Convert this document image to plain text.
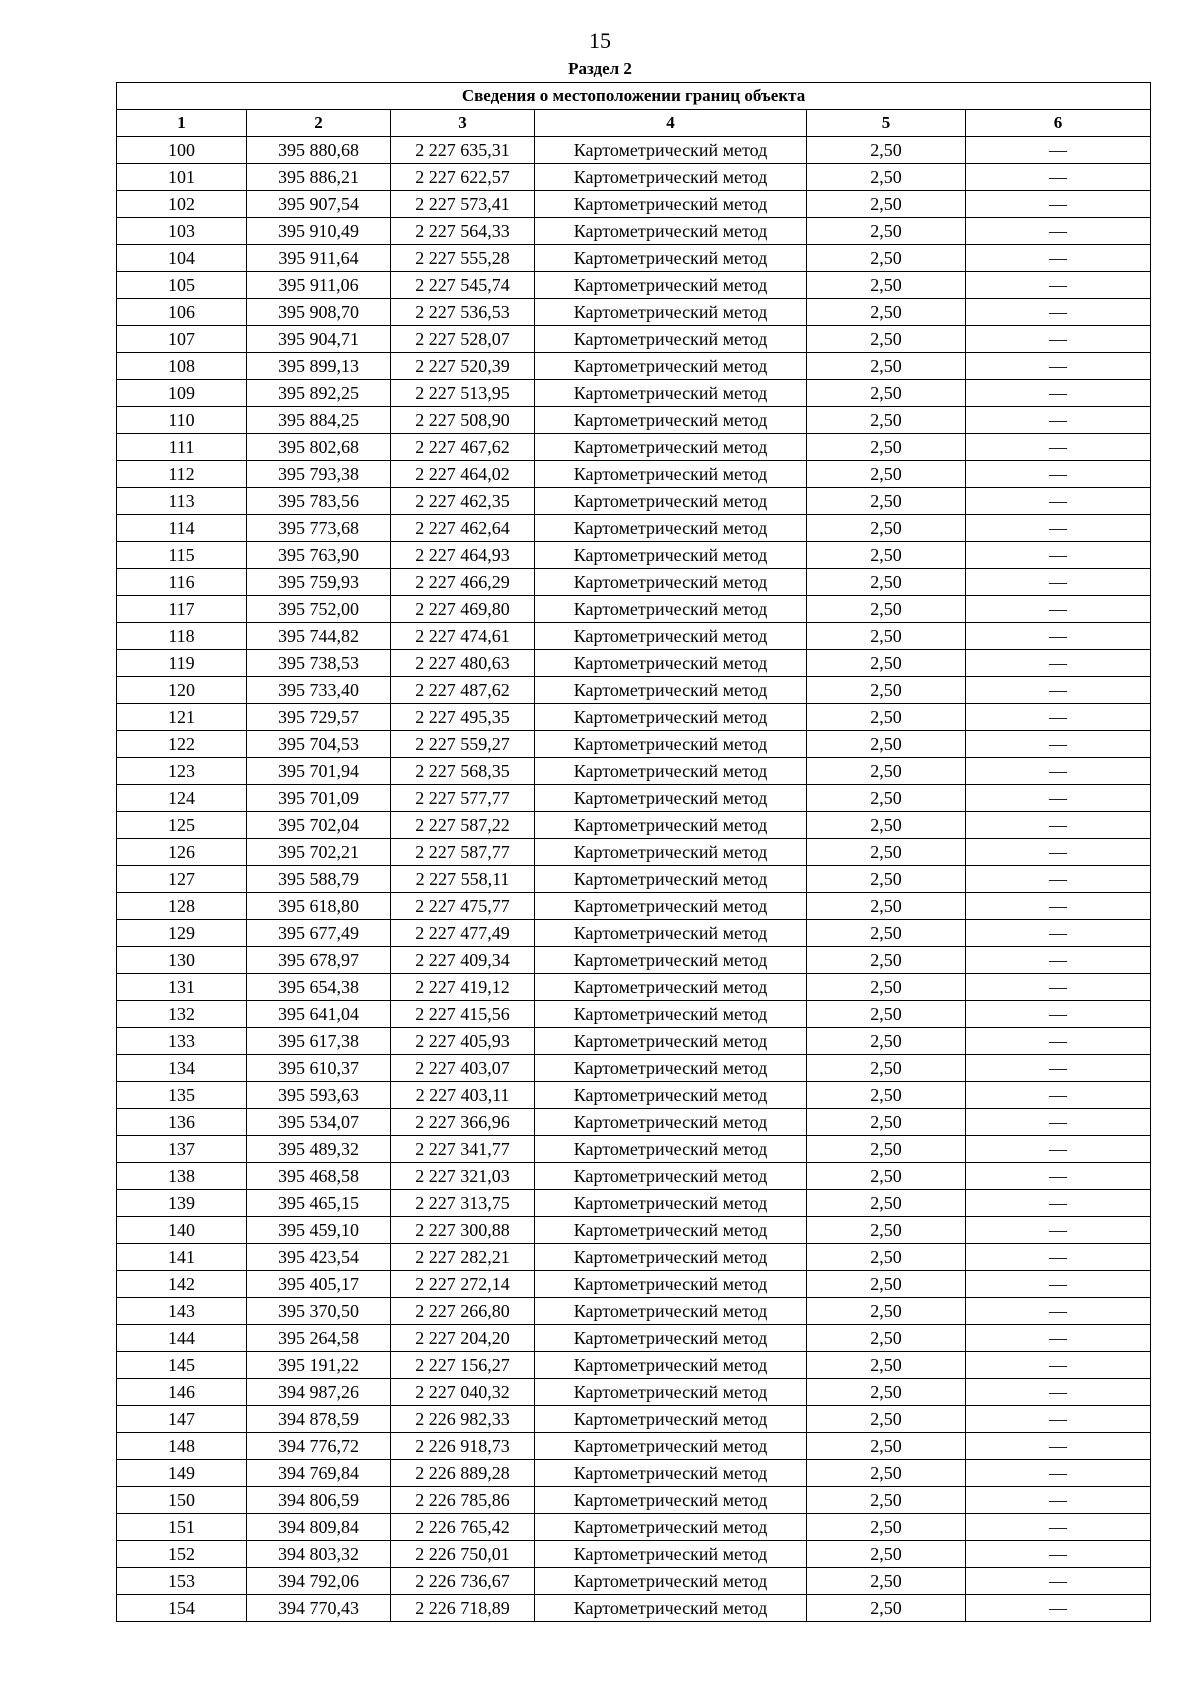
15
Раздел 2
Сведения о местоположении границ объекта					
1	2	3	4	5	6
100	395 880,68	2 227 635,31	Картометрический метод	2,50	—
101	395 886,21	2 227 622,57	Картометрический метод	2,50	—
102	395 907,54	2 227 573,41	Картометрический метод	2,50	—
103	395 910,49	2 227 564,33	Картометрический метод	2,50	—
104	395 911,64	2 227 555,28	Картометрический метод	2,50	—
105	395 911,06	2 227 545,74	Картометрический метод	2,50	—
106	395 908,70	2 227 536,53	Картометрический метод	2,50	—
107	395 904,71	2 227 528,07	Картометрический метод	2,50	—
108	395 899,13	2 227 520,39	Картометрический метод	2,50	—
109	395 892,25	2 227 513,95	Картометрический метод	2,50	—
110	395 884,25	2 227 508,90	Картометрический метод	2,50	—
111	395 802,68	2 227 467,62	Картометрический метод	2,50	—
112	395 793,38	2 227 464,02	Картометрический метод	2,50	—
113	395 783,56	2 227 462,35	Картометрический метод	2,50	—
114	395 773,68	2 227 462,64	Картометрический метод	2,50	—
115	395 763,90	2 227 464,93	Картометрический метод	2,50	—
116	395 759,93	2 227 466,29	Картометрический метод	2,50	—
117	395 752,00	2 227 469,80	Картометрический метод	2,50	—
118	395 744,82	2 227 474,61	Картометрический метод	2,50	—
119	395 738,53	2 227 480,63	Картометрический метод	2,50	—
120	395 733,40	2 227 487,62	Картометрический метод	2,50	—
121	395 729,57	2 227 495,35	Картометрический метод	2,50	—
122	395 704,53	2 227 559,27	Картометрический метод	2,50	—
123	395 701,94	2 227 568,35	Картометрический метод	2,50	—
124	395 701,09	2 227 577,77	Картометрический метод	2,50	—
125	395 702,04	2 227 587,22	Картометрический метод	2,50	—
126	395 702,21	2 227 587,77	Картометрический метод	2,50	—
127	395 588,79	2 227 558,11	Картометрический метод	2,50	—
128	395 618,80	2 227 475,77	Картометрический метод	2,50	—
129	395 677,49	2 227 477,49	Картометрический метод	2,50	—
130	395 678,97	2 227 409,34	Картометрический метод	2,50	—
131	395 654,38	2 227 419,12	Картометрический метод	2,50	—
132	395 641,04	2 227 415,56	Картометрический метод	2,50	—
133	395 617,38	2 227 405,93	Картометрический метод	2,50	—
134	395 610,37	2 227 403,07	Картометрический метод	2,50	—
135	395 593,63	2 227 403,11	Картометрический метод	2,50	—
136	395 534,07	2 227 366,96	Картометрический метод	2,50	—
137	395 489,32	2 227 341,77	Картометрический метод	2,50	—
138	395 468,58	2 227 321,03	Картометрический метод	2,50	—
139	395 465,15	2 227 313,75	Картометрический метод	2,50	—
140	395 459,10	2 227 300,88	Картометрический метод	2,50	—
141	395 423,54	2 227 282,21	Картометрический метод	2,50	—
142	395 405,17	2 227 272,14	Картометрический метод	2,50	—
143	395 370,50	2 227 266,80	Картометрический метод	2,50	—
144	395 264,58	2 227 204,20	Картометрический метод	2,50	—
145	395 191,22	2 227 156,27	Картометрический метод	2,50	—
146	394 987,26	2 227 040,32	Картометрический метод	2,50	—
147	394 878,59	2 226 982,33	Картометрический метод	2,50	—
148	394 776,72	2 226 918,73	Картометрический метод	2,50	—
149	394 769,84	2 226 889,28	Картометрический метод	2,50	—
150	394 806,59	2 226 785,86	Картометрический метод	2,50	—
151	394 809,84	2 226 765,42	Картометрический метод	2,50	—
152	394 803,32	2 226 750,01	Картометрический метод	2,50	—
153	394 792,06	2 226 736,67	Картометрический метод	2,50	—
154	394 770,43	2 226 718,89	Картометрический метод	2,50	—
